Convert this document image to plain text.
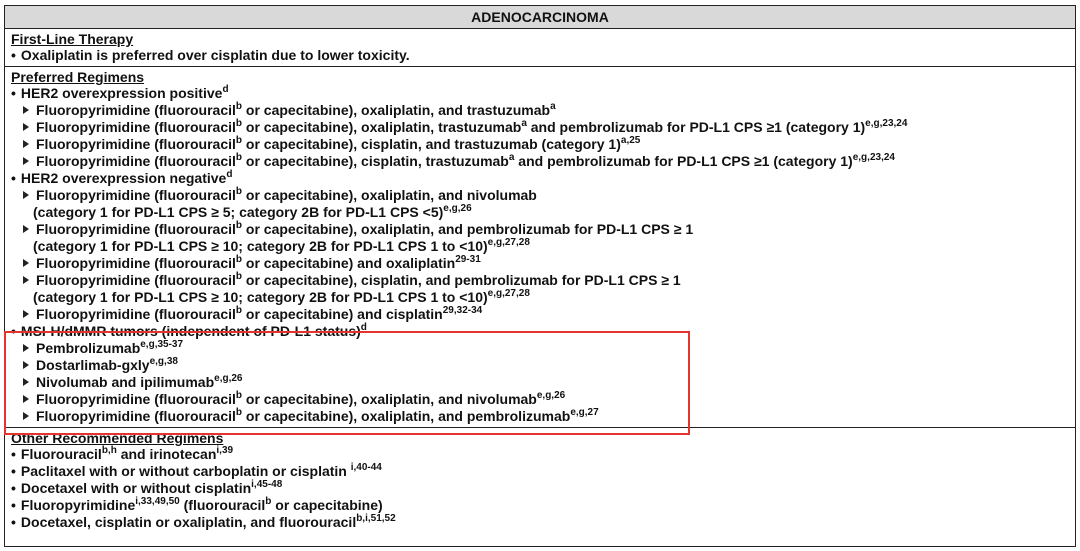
ADENOCARCINOMA
First-Line Therapy
• Oxaliplatin is preferred over cisplatin due to lower toxicity.
Preferred Regimens
• HER2 overexpression positive$^d$
Fluoropyrimidine (fluorouracil$^b$ or capecitabine), oxaliplatin, and trastuzumab$^a$
Fluoropyrimidine (fluorouracil$^b$ or capecitabine), oxaliplatin, trastuzumab$^a$ and pembrolizumab for PD-L1 CPS ≥1 (category 1)$^{e,g,23,24}$
Fluoropyrimidine (fluorouracil$^b$ or capecitabine), cisplatin, and trastuzumab (category 1)$^{a,25}$
Fluoropyrimidine (fluorouracil$^b$ or capecitabine), cisplatin, trastuzumab$^a$ and pembrolizumab for PD-L1 CPS ≥1 (category 1)$^{e,g,23,24}$
• HER2 overexpression negative$^d$
Fluoropyrimidine (fluorouracil$^b$ or capecitabine), oxaliplatin, and nivolumab
(category 1 for PD-L1 CPS ≥ 5; category 2B for PD-L1 CPS <5)$^{e,g,26}$
Fluoropyrimidine (fluorouracil$^b$ or capecitabine), oxaliplatin, and pembrolizumab for PD-L1 CPS ≥ 1
(category 1 for PD-L1 CPS ≥ 10; category 2B for PD-L1 CPS 1 to <10)$^{e,g,27,28}$
Fluoropyrimidine (fluorouracil$^b$ or capecitabine) and oxaliplatin$^{29-31}$
Fluoropyrimidine (fluorouracil$^b$ or capecitabine), cisplatin, and pembrolizumab for PD-L1 CPS ≥ 1
(category 1 for PD-L1 CPS ≥ 10; category 2B for PD-L1 CPS 1 to <10)$^{e,g,27,28}$
Fluoropyrimidine (fluorouracil$^b$ or capecitabine) and cisplatin$^{29,32-34}$
• MSI-H/dMMR tumors (independent of PD-L1 status)$^d$
Pembrolizumab$^{e,g,35-37}$
Dostarlimab-gxly$^{e,g,38}$
Nivolumab and ipilimumab$^{e,g,26}$
Fluoropyrimidine (fluorouracil$^b$ or capecitabine), oxaliplatin, and nivolumab$^{e,g,26}$
Fluoropyrimidine (fluorouracil$^b$ or capecitabine), oxaliplatin, and pembrolizumab$^{e,g,27}$
Other Recommended Regimens
• Fluorouracil$^{b,h}$ and irinotecan$^{i,39}$
• Paclitaxel with or without carboplatin or cisplatin $^{i,40-44}$
• Docetaxel with or without cisplatin$^{i,45-48}$
• Fluoropyrimidine$^{i,33,49,50}$ (fluorouracil$^b$ or capecitabine)
• Docetaxel, cisplatin or oxaliplatin, and fluorouracil$^{b,i,51,52}$
